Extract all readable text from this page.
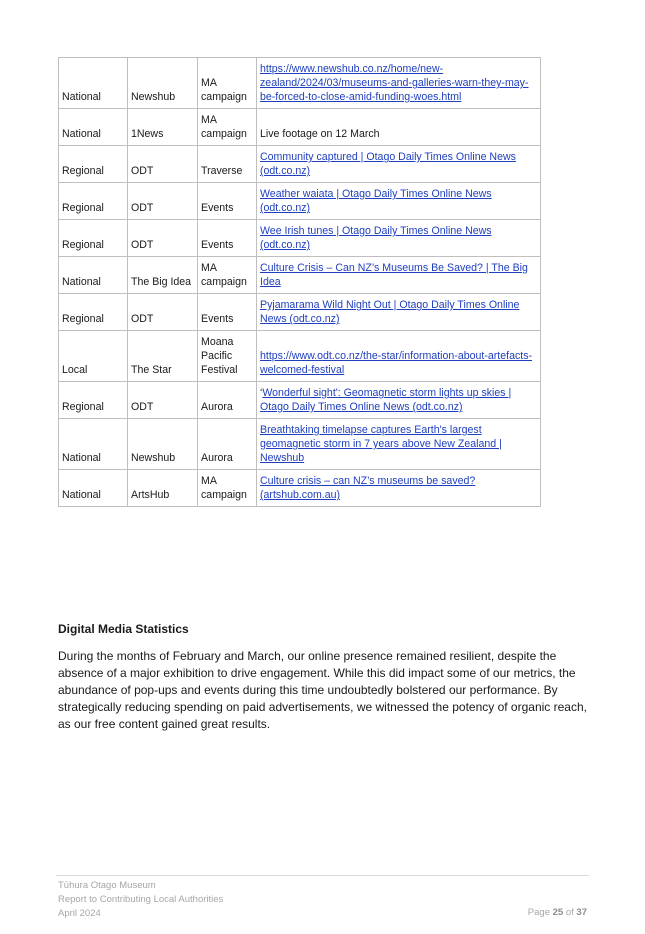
National	Newshub	MA campaign	https://www.newshub.co.nz/home/new-zealand/2024/03/museums-and-galleries-warn-they-may-be-forced-to-close-amid-funding-woes.html
National	1News	MA campaign	Live footage on 12 March
Regional	ODT	Traverse	Community captured | Otago Daily Times Online News (odt.co.nz)
Regional	ODT	Events	Weather waiata | Otago Daily Times Online News (odt.co.nz)
Regional	ODT	Events	Wee Irish tunes | Otago Daily Times Online News (odt.co.nz)
National	The Big Idea	MA campaign	Culture Crisis – Can NZ’s Museums Be Saved? | The Big Idea
Regional	ODT	Events	Pyjamarama Wild Night Out | Otago Daily Times Online News (odt.co.nz)
Local	The Star	Moana Pacific Festival	https://www.odt.co.nz/the-star/information-about-artefacts-welcomed-festival
Regional	ODT	Aurora	‘Wonderful sight': Geomagnetic storm lights up skies | Otago Daily Times Online News (odt.co.nz)
National	Newshub	Aurora	Breathtaking timelapse captures Earth's largest geomagnetic storm in 7 years above New Zealand | Newshub
National	ArtsHub	MA campaign	Culture crisis – can NZ’s museums be saved? (artshub.com.au)
Digital Media Statistics

During the months of February and March, our online presence remained resilient, despite the absence of a major exhibition to drive engagement. While this did impact some of our metrics, the abundance of pop-ups and events during this time undoubtedly bolstered our performance. By strategically reducing spending on paid advertisements, we witnessed the potency of organic reach, as our free content gained great results.

Tūhura Otago Museum
Report to Contributing Local Authorities
April 2024	Page 25 of 37
